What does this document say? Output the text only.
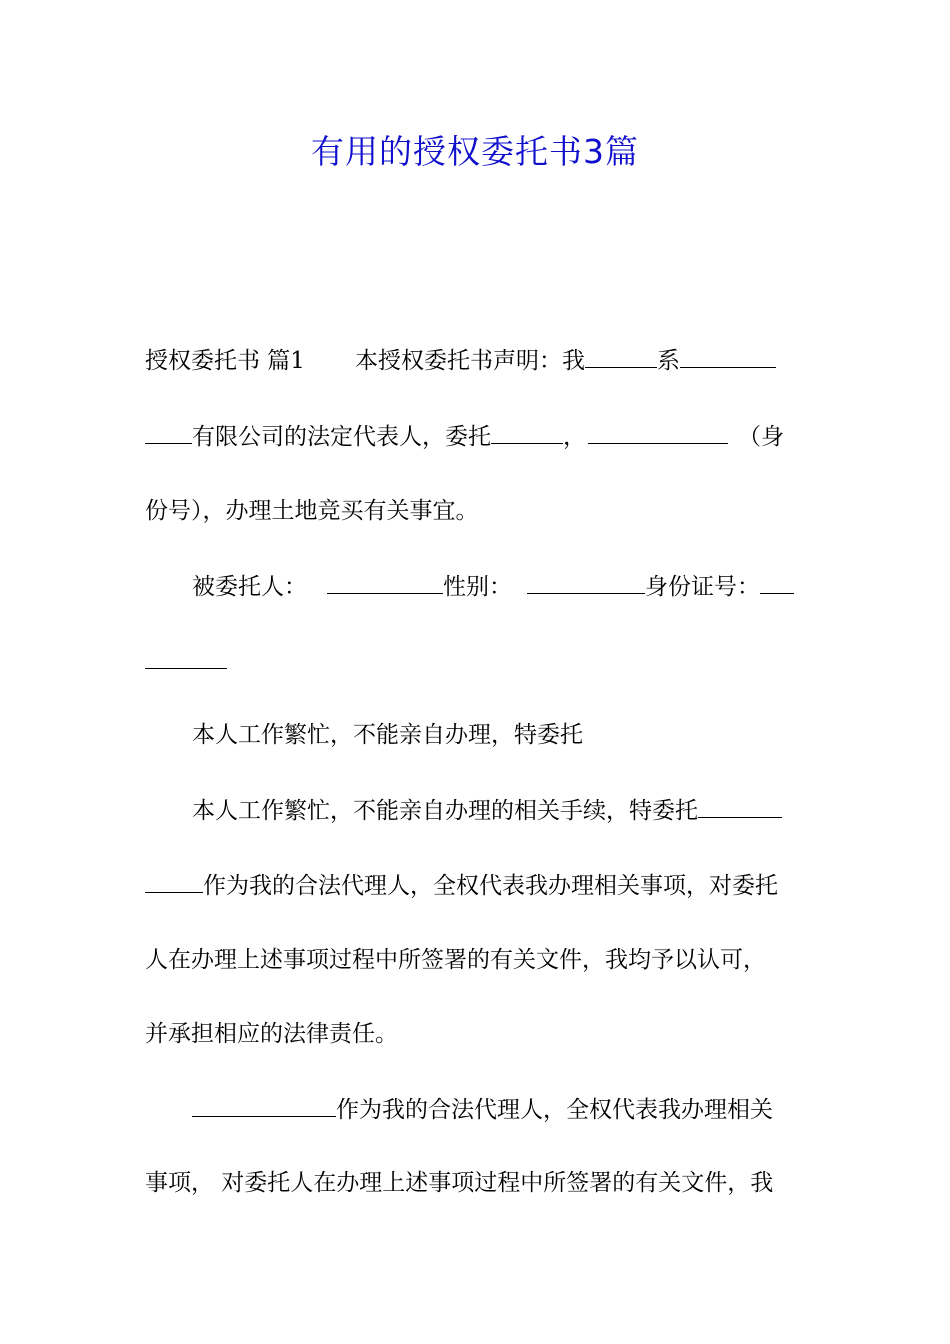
有用的授权委托书3篇
授权委托书 篇1 本授权委托书声明：我	系
有限公司的法定代表人，委托	，	（身
份号），办理土地竞买有关事宜。
被委托人：	性别：	身份证号：
本人工作繁忙，不能亲自办理，特委托
本人工作繁忙，不能亲自办理的相关手续，特委托
作为我的合法代理人，全权代表我办理相关事项，对委托
人在办理上述事项过程中所签署的有关文件，我均予以认可，
并承担相应的法律责任。
作为我的合法代理人，全权代表我办理相关
事项， 对委托人在办理上述事项过程中所签署的有关文件，我
